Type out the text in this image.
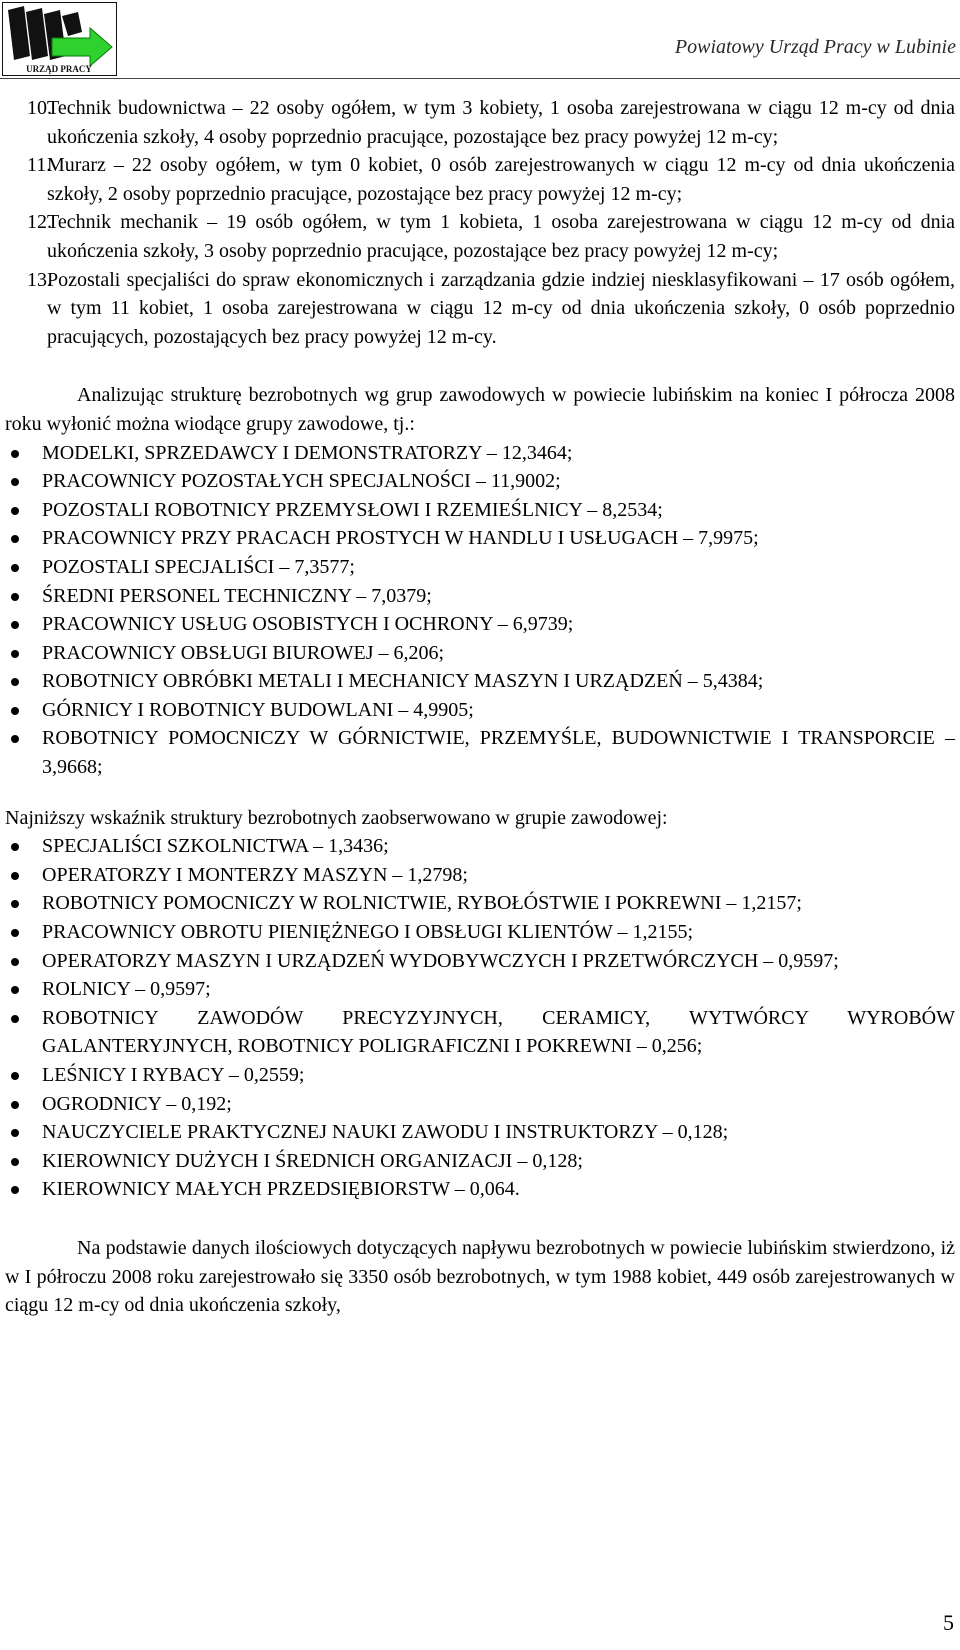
URZĄD PRACY
Powiatowy Urząd Pracy w Lubinie
10.
Technik budownictwa – 22 osoby ogółem, w tym 3 kobiety, 1 osoba zarejestrowana w ciągu 12 m-cy od dnia ukończenia szkoły, 4 osoby poprzednio pracujące, pozostające bez pracy powyżej 12 m-cy;
11.
Murarz – 22 osoby ogółem, w tym 0 kobiet, 0 osób zarejestrowanych w ciągu 12 m-cy od dnia ukończenia szkoły, 2 osoby poprzednio pracujące, pozostające bez pracy powyżej 12 m-cy;
12.
Technik mechanik – 19 osób ogółem, w tym 1 kobieta, 1 osoba zarejestrowana w ciągu 12 m-cy od dnia ukończenia szkoły, 3 osoby poprzednio pracujące, pozostające bez pracy powyżej 12 m-cy;
13.
Pozostali specjaliści do spraw ekonomicznych i zarządzania gdzie indziej niesklasyfikowani – 17 osób ogółem, w tym 11 kobiet, 1 osoba zarejestrowana w ciągu 12 m-cy od dnia ukończenia szkoły, 0 osób poprzednio pracujących, pozostających bez pracy powyżej 12 m-cy.

Analizując strukturę bezrobotnych wg grup zawodowych w powiecie lubińskim na koniec I półrocza 2008 roku wyłonić można wiodące grupy zawodowe, tj.:

MODELKI, SPRZEDAWCY I DEMONSTRATORZY – 12,3464;
PRACOWNICY POZOSTAŁYCH SPECJALNOŚCI – 11,9002;
POZOSTALI ROBOTNICY PRZEMYSŁOWI I RZEMIEŚLNICY – 8,2534;
PRACOWNICY PRZY PRACACH PROSTYCH W HANDLU I USŁUGACH – 7,9975;
POZOSTALI SPECJALIŚCI – 7,3577;
ŚREDNI PERSONEL TECHNICZNY – 7,0379;
PRACOWNICY USŁUG OSOBISTYCH I OCHRONY – 6,9739;
PRACOWNICY OBSŁUGI BIUROWEJ – 6,206;
ROBOTNICY OBRÓBKI METALI I MECHANICY MASZYN I URZĄDZEŃ – 5,4384;
GÓRNICY I ROBOTNICY BUDOWLANI – 4,9905;
ROBOTNICY POMOCNICZY W GÓRNICTWIE, PRZEMYŚLE, BUDOWNICTWIE I TRANSPORCIE – 3,9668;

Najniższy wskaźnik struktury bezrobotnych zaobserwowano w grupie zawodowej:

SPECJALIŚCI SZKOLNICTWA – 1,3436;
OPERATORZY I MONTERZY MASZYN – 1,2798;
ROBOTNICY POMOCNICZY W ROLNICTWIE, RYBOŁÓSTWIE I POKREWNI – 1,2157;
PRACOWNICY OBROTU PIENIĘŻNEGO I OBSŁUGI KLIENTÓW – 1,2155;
OPERATORZY MASZYN I URZĄDZEŃ WYDOBYWCZYCH I PRZETWÓRCZYCH – 0,9597;
ROLNICY – 0,9597;
ROBOTNICY ZAWODÓW PRECYZYJNYCH, CERAMICY, WYTWÓRCY WYROBÓW GALANTERYJNYCH, ROBOTNICY POLIGRAFICZNI I POKREWNI – 0,256;
LEŚNICY I RYBACY – 0,2559;
OGRODNICY – 0,192;
NAUCZYCIELE PRAKTYCZNEJ NAUKI ZAWODU I INSTRUKTORZY – 0,128;
KIEROWNICY DUŻYCH I ŚREDNICH ORGANIZACJI – 0,128;
KIEROWNICY MAŁYCH PRZEDSIĘBIORSTW – 0,064.

Na podstawie danych ilościowych dotyczących napływu bezrobotnych w powiecie lubińskim stwierdzono, iż w I półroczu 2008 roku zarejestrowało się 3350 osób bezrobotnych, w tym 1988 kobiet, 449 osób zarejestrowanych w ciągu 12 m-cy od dnia ukończenia szkoły,

5
